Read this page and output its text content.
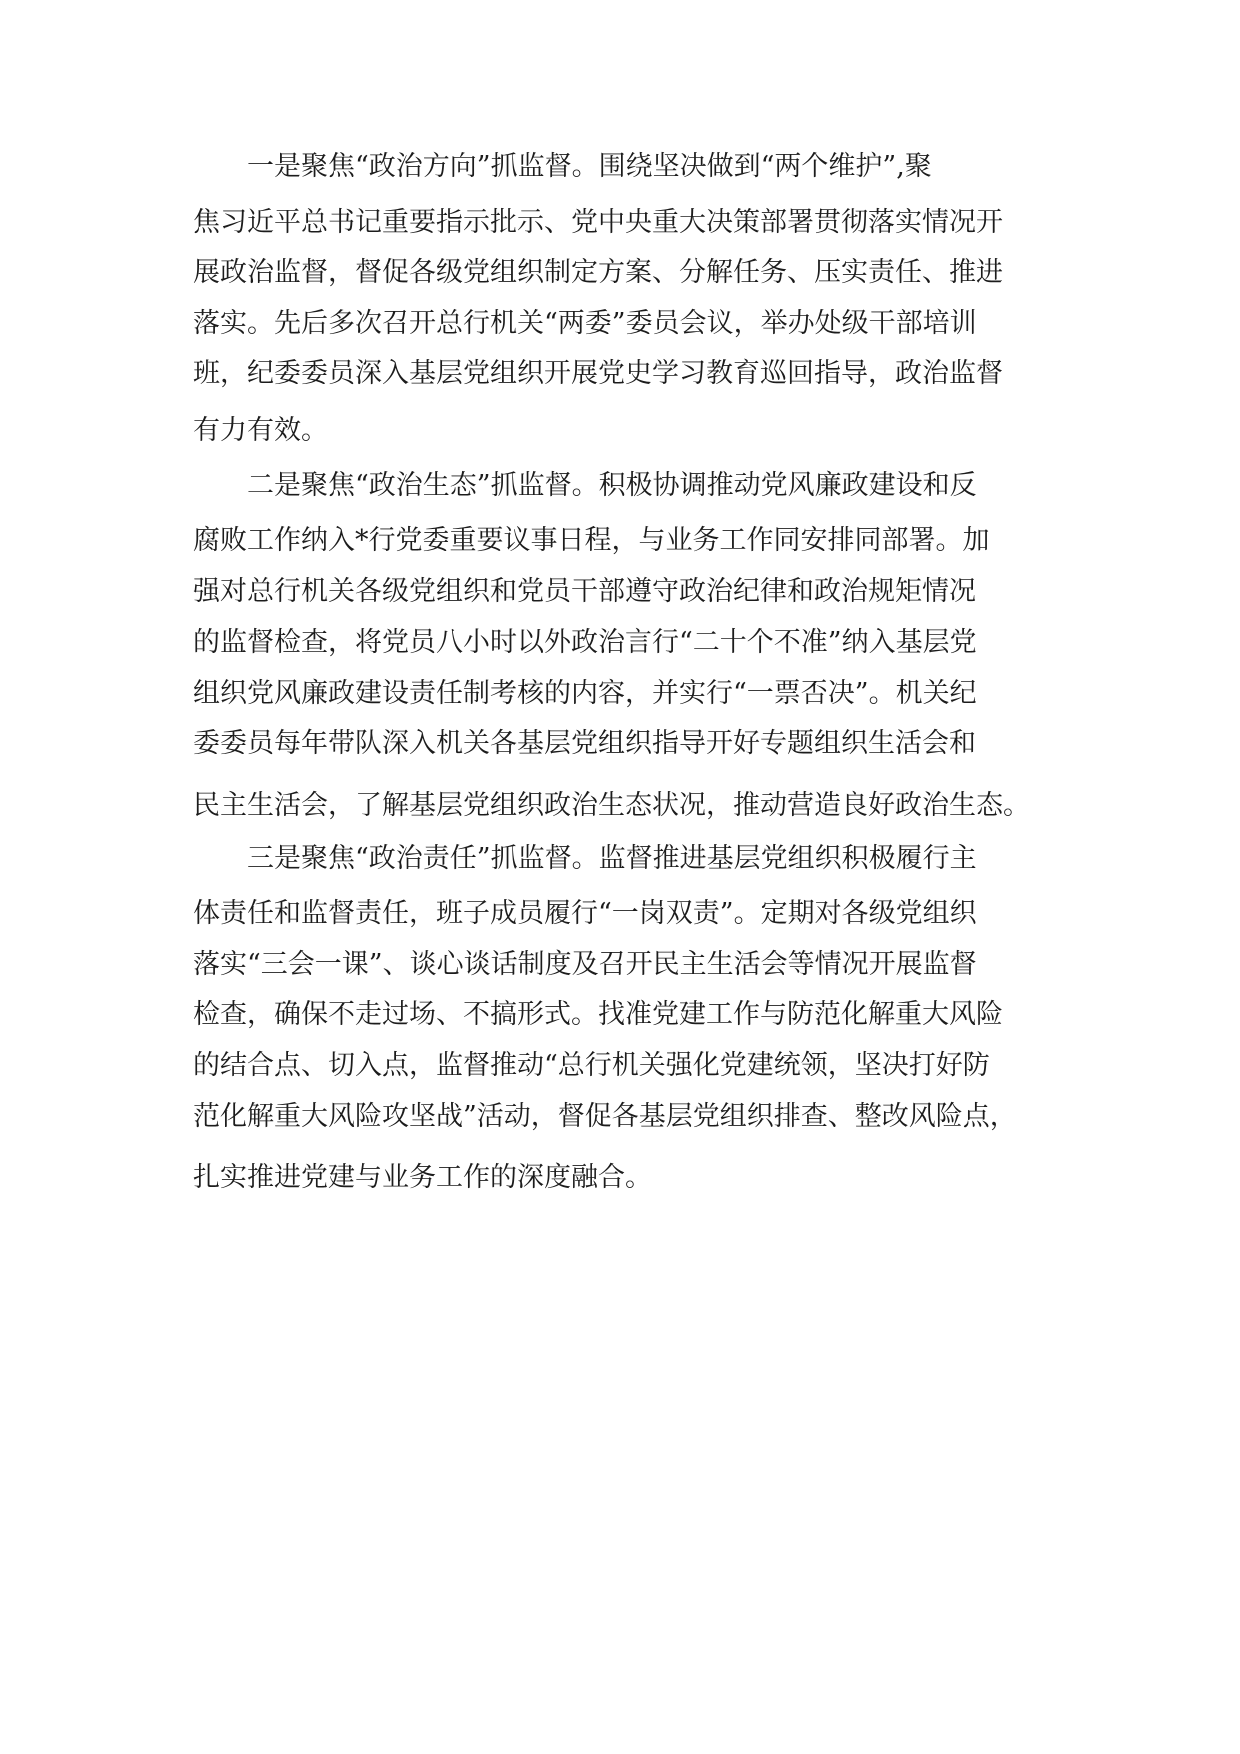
一是聚焦“政治方向”抓监督。围绕坚决做到“两个维护”,聚
焦习近平总书记重要指示批示、党中央重大决策部署贯彻落实情况开
展政治监督，督促各级党组织制定方案、分解任务、压实责任、推进
落实。先后多次召开总行机关“两委”委员会议，举办处级干部培训
班，纪委委员深入基层党组织开展党史学习教育巡回指导，政治监督
有力有效。
二是聚焦“政治生态”抓监督。积极协调推动党风廉政建设和反
腐败工作纳入*行党委重要议事日程，与业务工作同安排同部署。加
强对总行机关各级党组织和党员干部遵守政治纪律和政治规矩情况
的监督检查，将党员八小时以外政治言行“二十个不准”纳入基层党
组织党风廉政建设责任制考核的内容，并实行“一票否决”。机关纪
委委员每年带队深入机关各基层党组织指导开好专题组织生活会和
民主生活会，了解基层党组织政治生态状况，推动营造良好政治生态。
三是聚焦“政治责任”抓监督。监督推进基层党组织积极履行主
体责任和监督责任，班子成员履行“一岗双责”。定期对各级党组织
落实“三会一课”、谈心谈话制度及召开民主生活会等情况开展监督
检查，确保不走过场、不搞形式。找准党建工作与防范化解重大风险
的结合点、切入点，监督推动“总行机关强化党建统领，坚决打好防
范化解重大风险攻坚战”活动，督促各基层党组织排查、整改风险点，
扎实推进党建与业务工作的深度融合。
